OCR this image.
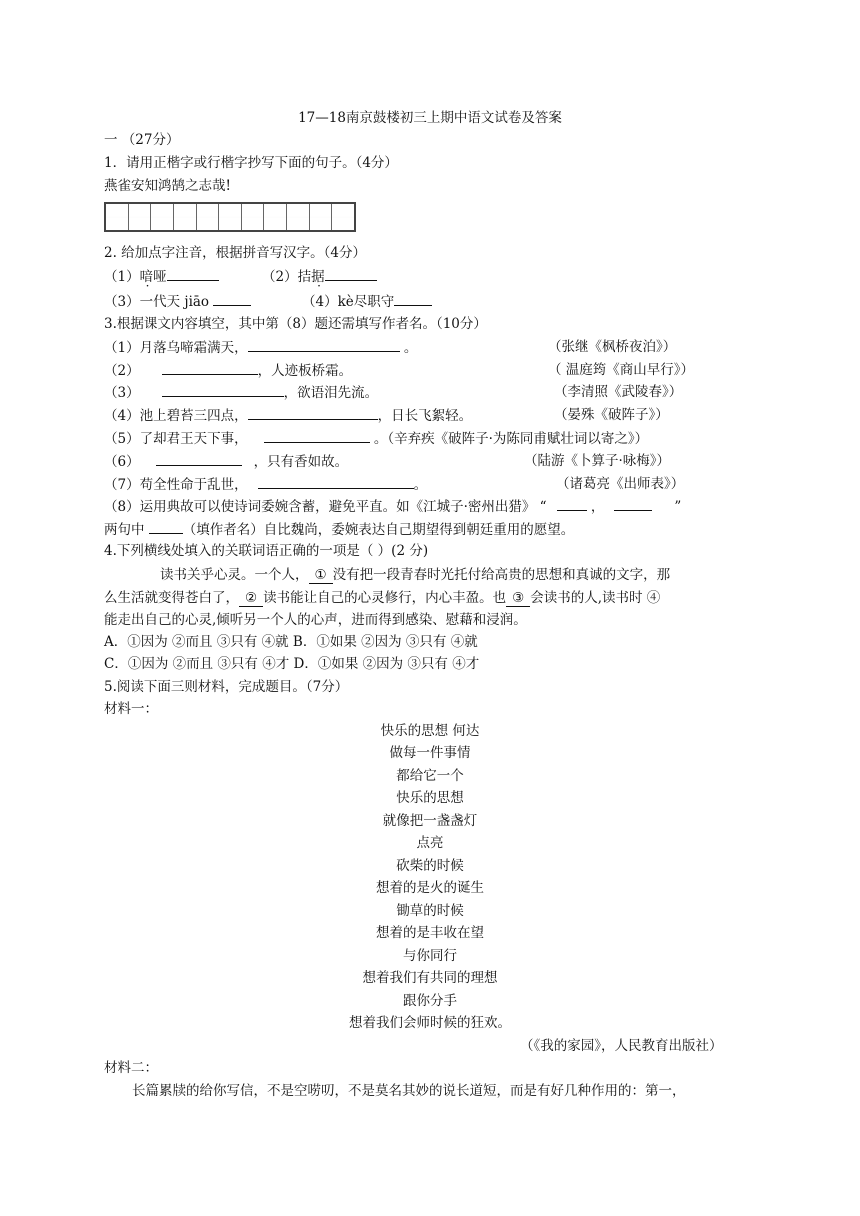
17—18南京鼓楼初三上期中语文试卷及答案
一 （27分）
1．请用正楷字或行楷字抄写下面的句子。（4分）
燕雀安知鸿鹄之志哉!
2. 给加点字注音，根据拼音写汉字。（4分）
（1）喑哑	（2）拮据
（3）一代天 jiāo	（4）kè尽职守
3.根据课文内容填空，其中第（8）题还需填写作者名。（10分）
（1）月落乌啼霜满天，	。	（张继《枫桥夜泊》）
（2）	，人迹板桥霜。	（ 温庭筠《商山早行》）
（3）	，欲语泪先流。	（李清照《武陵春》）
（4）池上碧苔三四点，	，日长飞絮轻。	（晏殊《破阵子》）
（5）了却君王天下事，	。（辛弃疾《破阵子·为陈同甫赋壮词以寄之》）
（6）	，只有香如故。	（陆游《卜算子·咏梅》）
（7）苟全性命于乱世，	。	（诸葛亮《出师表》）
（8）运用典故可以使诗词委婉含蓄，避免平直。如《江城子·密州出猎》 “	，	”
两句中	（填作者名）自比魏尚，委婉表达自己期望得到朝廷重用的愿望。
4.下列横线处填入的关联词语正确的一项是（ ）(2 分)
读书关乎心灵。一个人， ① 没有把一段青春时光托付给高贵的思想和真诚的文字，那
么生活就变得苍白了， ② 读书能让自己的心灵修行，内心丰盈。也 ③ 会读书的人,读书时 ④
能走出自己的心灵,倾听另一个人的心声，进而得到感染、慰藉和浸润。
A．①因为 ②而且 ③只有 ④就 B．①如果 ②因为 ③只有 ④就
C．①因为 ②而且 ③只有 ④才 D．①如果 ②因为 ③只有 ④才
5.阅读下面三则材料，完成题目。（7分）
材料一：
快乐的思想 何达
做每一件事情
都给它一个
快乐的思想
就像把一盏盏灯
点亮
砍柴的时候
想着的是火的诞生
锄草的时候
想着的是丰收在望
与你同行
想着我们有共同的理想
跟你分手
想着我们会师时候的狂欢。
（《我的家园》，人民教育出版社）
材料二：
长篇累牍的给你写信，不是空唠叨，不是莫名其妙的说长道短，而是有好几种作用的：第一，
